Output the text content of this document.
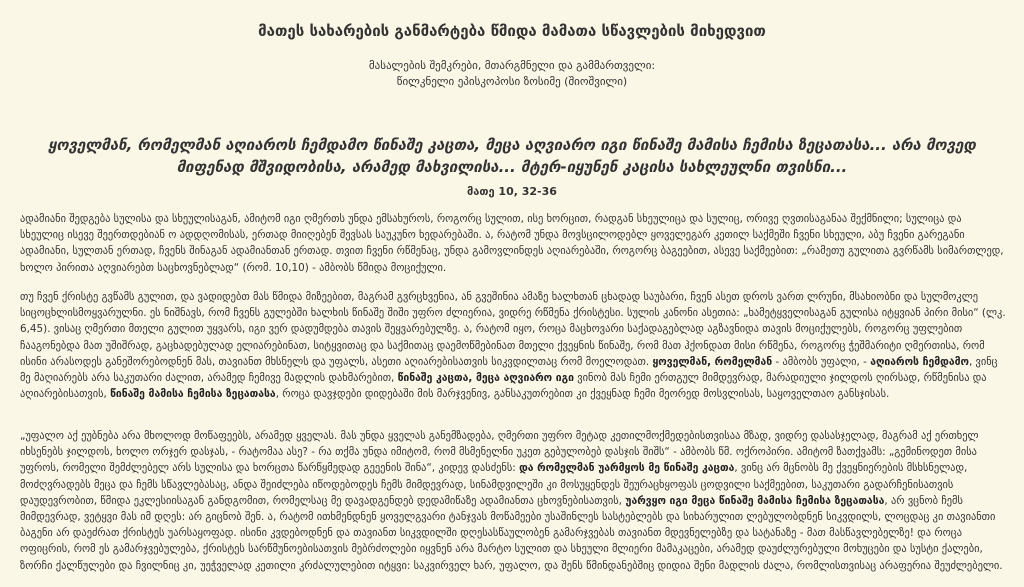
მათეს სახარების განმარტება წმიდა მამათა სწავლების მიხედვით
მასალების შემკრები, მთარგმნელი და გამმართველი:
წილკნელი ეპისკოპოსი ზოსიმე (შიოშვილი)
ყოველმან, რომელმან აღიაროს ჩემდამო წინაშე კაცთა, მეცა აღვიარო იგი წინაშე მამისა ჩემისა ზეცათასა... არა მოვედ მიფენად მშვიდობისა, არამედ მახვილისა... მტერ-იყუნენ კაცისა სახლეულნი თვისნი...
მათე 10, 32-36
ადამიანი შედგება სულისა და სხეულისაგან, ამიტომ იგი ღმერთს უნდა ემსახუროს, როგორც სულით, ისე ხორცით, რადგან სხეულიცა და სულიც, ორივე ღვთისაგანაა შექმნილი; სულიცა და სხეულიც ისევე შეერთდებიან ო ადდღომისას, ერთად მიიღებენ შევსას საუკუნო ხედარებაში. ა, რატომ უნდა მოვსცილოდებლ ყოველეგარ კეთილ საქმეში ჩვენი სხეული, აბუ ჩვენი გარეგანი ადამიანი, სულთან ერთად, ჩვენს შინაგან ადამიანთან ერთად. თვით ჩვენი რწმენაც, უნდა გამოვლინდეს აღიარებაში, როგორც ბაგეებით, ასევე საქმეებით: „რამეთუ გულითა გვრწამს სიმართლედ, ხოლო პირითა აღვიარებთ საცხოვნებლად“ (რომ. 10,10) - ამბობს წმიდა მოციქული.
თუ ჩვენ ქრისტე გვწამს გულით, და ვადიდებთ მას წმიდა მიზეებით, მაგრამ გვრცხვენია, ან გვეშინია ამაზე ხალხთან ცხადად საუბარი, ჩვენ ასეთ დროს ვართ ლრუნი, მსახიობნი და სულმოკლე სიცოცხლისმოყვარულნი. ეს ნიშნავს, რომ ჩვენს გულებში ხალხის წინაშე შიში უფრო ძლიერია, ვიდრე რწმენა ქრისტესი. სულის კანონი ასეთია: „ხამეტყველისაგან გულისა იტყვიან პირი მისი“ (ლკ. 6,45). ვისაც ღმერთი მთელი გულით უყვარს, იგი ვერ დადუმდება თავის შეყვარებულზე. ა, რატომ იყო, როცა მაცხოვარი საქადაგებლად აგზავნიდა თავის მოციქულებს, როგორც უფლებით ჩააგონებდა მათ უშიშრად, გაცხადებულად ელიარებინათ, სიტყვითაც და საქმითაც დაემოწმებინათ მთელი ქვეყნის წინაშე, რომ მათ ჰქონდათ მისი რწმენა, როგორც ჭეშმარიტი ღმერთისა, რომ ისინი არასოდეს განეშორებოდნენ მას, თავიანთ მხსნელს და უფალს, ასეთი აღიარებისათვის სიკვდილთაც რომ მოელოდათ. ყოველმან, რომელმან - ამბობს უფალი, - აღიაროს ჩემდამო, ვინც მე მაღიარებს არა საკუთარი ძალით, არამედ ჩემივე მადლის დახმარებით, წინაშე კაცთა, მეცა აღვიარო იგი ვინობ მას ჩემი ერთგულ მიმდევრად, მარადიული ჯილდოს ღირსად, რწმენისა და აღიარებისათვის, წინაშე მამისა ჩემისა ზეცათასა, როცა დავჯდები დიდებაში მის მარჯვენივ, განსაკუთრებით კი ქვეყნად ჩემი მეორედ მოსვლისას, საყოველთაო განსჯისას.
„უფალო აქ ეუბნება არა მხოლოდ მოწაფეებს, არამედ ყველას. მას უნდა ყველას განემზადება, ღმერთი უფრო მეტად კეთილმოქმედებისთვისაა მზად, ვიდრე დასასჯელად, მაგრამ აქ ერთხელ იხსენებს ჯილდოს, ხოლო ორჯერ დასჯას, - რატომაა ასე? - რა თქმა უნდა იმიტომ, რომ მსმენელნი უკეთ გებულობებ დასჯის შიშს“ - ამბობს წმ. ოქროპირი. ამიტომ ზათქვამს: „გემინოდეთ მისა უფროს, რომელი შემძლებელ არს სულისა და ხორცთა წარწყმედად გეეენის შინა“, კიდევ დასძენს: და რომელმან უარმყოს მე წინაშე კაცთა, ვინც არ მცნობს მე ქვეყნიერების მსხსნელად, მოძღვრადებს მეცა და ჩემს სწავლებასაც, ანდა შეიძლება იწოდებოდეს ჩემს მიმდევრად, სინამდვილეში კი მოსუყენდეს შეურაცხყოფას ცოდვილი საქმეებით, საკუთარი გადარჩენისათვის დაუდევრობით, წმიდა ეკლესიისაგან განდგომით, რომელსაც მე დავადგენდებ დედამიწაზე ადამიანთა ცხოვნებისათვის, უარვყო იგი მეცა წინაშე მამისა ჩემისა ზეცათასა, არ ვცნობ ჩემს მიმდევრად, ვეტყვი მას იმ დღეს: არ გიცნობ შენ. ა, რატომ ითხმენდნენ ყოველგვარი ტანჯვას მოწამეები უსაშინლეს სასტებლებს და სიხარულით ლებულობდნენ სიკვდილს, ლოცდაც კი თავიანთი ბაგენი არ დაეძრათ ქრისტეს უარსაყოფად. ისინი კვდებოდნენ და თავიანთ სიკვდილში დღესასწაულობენ გამარჯვებას თავიანთ მდევნელებზე და სატანაზე - მათ მასწავლებელზე! და როცა ოფიცრის, რომ ეს გამარჯვებულება, ქრისტეს სარწმუნოებისათვის მებრძოლები იყვნენ არა მარტო სულით და სხეული მლიერი მამაკაცები, არამედ დაუძლურებული მოხუცები და სუსტი ქალები, ზორჩი ქალწულები და ჩვილნიც კი, უეჭველად კეთილი კრძალულებით იტყვი: საკვირველ ხარ, უფალო, და შენს წმინდანებშიც დიდია შენი მადლის ძალა, რომლისთვისაც არაფერია შეუძლებელი.
